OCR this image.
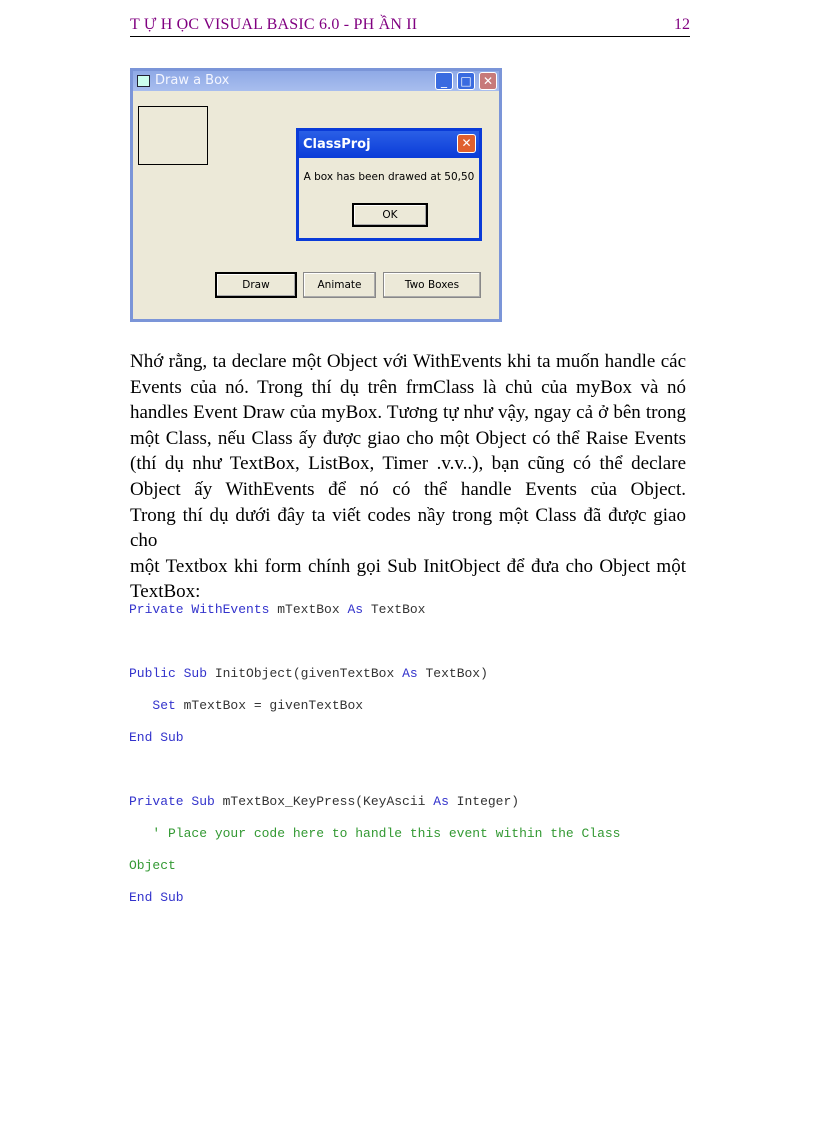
T Ự H ỌC VISUAL BASIC 6.0 - PH ẦN II	12
Draw a Box	_	□ ✕
ClassProj	✕
A box has been drawed at 50,50
OK
Draw	Animate	Two Boxes
Nhớ rằng, ta declare một Object với WithEvents khi ta muốn handle các
Events của nó. Trong thí dụ trên frmClass là chủ của myBox và nó
handles Event Draw của myBox. Tương tự như vậy, ngay cả ở bên trong
một Class, nếu Class ấy được giao cho một Object có thể Raise Events
(thí dụ như TextBox, ListBox, Timer .v.v..), bạn cũng có thể declare
Object ấy WithEvents để nó có thể handle Events của Object.
Trong thí dụ dưới đây ta viết codes nầy trong một Class đã được giao cho
một Textbox khi form chính gọi Sub InitObject để đưa cho Object một
TextBox:
Private WithEvents mTextBox As TextBox

Public Sub InitObject(givenTextBox As TextBox)

Set mTextBox = givenTextBox

End Sub

Private Sub mTextBox_KeyPress(KeyAscii As Integer)

' Place your code here to handle this event within the Class

Object

End Sub
